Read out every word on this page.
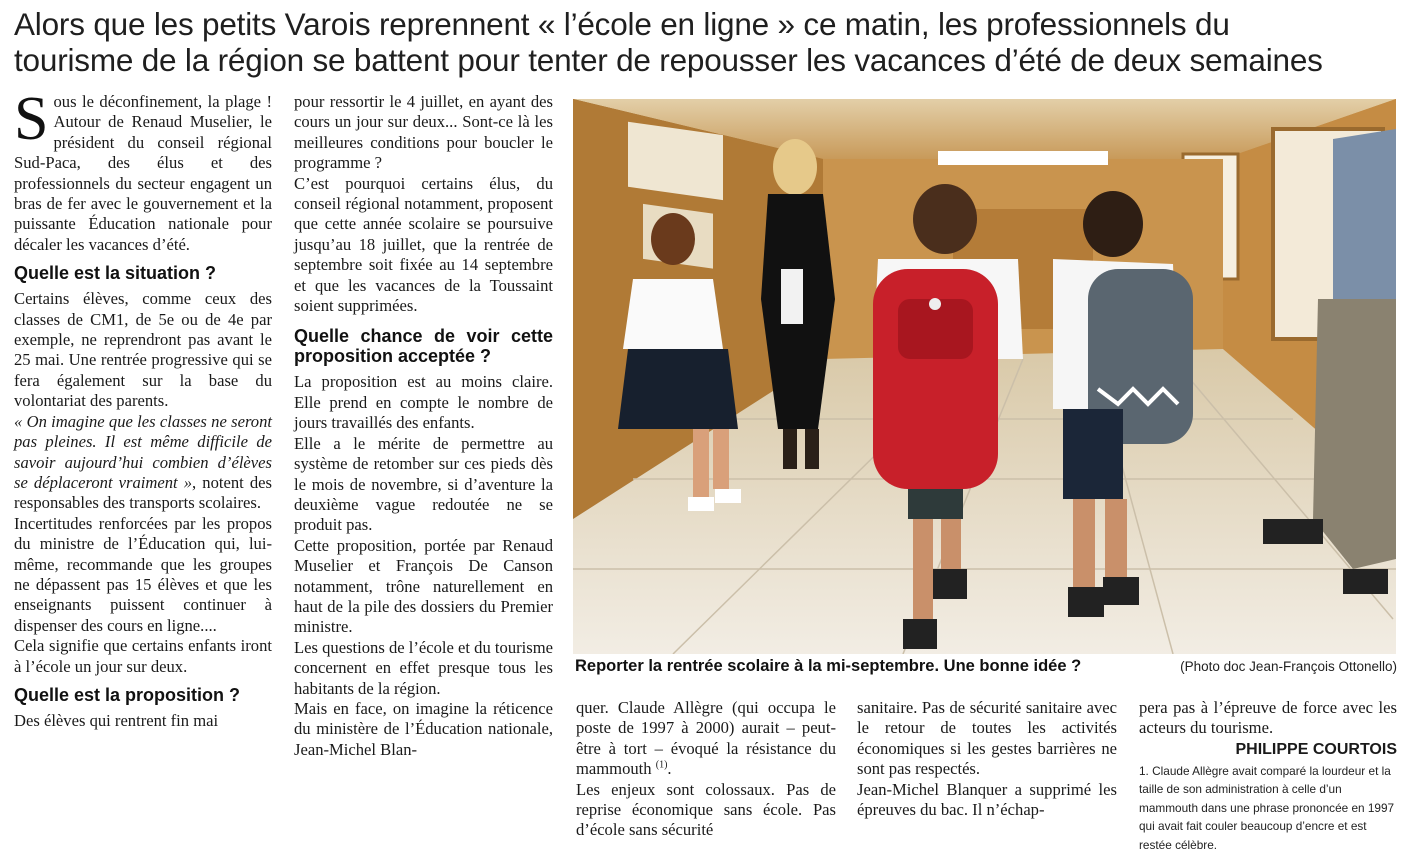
Alors que les petits Varois reprennent « l’école en ligne » ce matin, les professionnels du
tourisme de la région se battent pour tenter de repousser les vacances d’été de deux semaines

Sous le déconfinement, la plage ! Autour de Renaud Muselier, le président du conseil régional Sud-Paca, des élus et des professionnels du secteur engagent un bras de fer avec le gouvernement et la puissante Éducation nationale pour décaler les vacances d’été.

Quelle est la situation ?

Certains élèves, comme ceux des classes de CM1, de 5e ou de 4e par exemple, ne reprendront pas avant le 25 mai. Une rentrée progressive qui se fera également sur la base du volontariat des parents.

« On imagine que les classes ne seront pas pleines. Il est même difficile de savoir aujourd’hui combien d’élèves se déplaceront vraiment », notent des responsables des transports scolaires.

Incertitudes renforcées par les propos du ministre de l’Éducation qui, lui-même, recommande que les groupes ne dépassent pas 15 élèves et que les enseignants puissent continuer à dispenser des cours en ligne....

Cela signifie que certains enfants iront à l’école un jour sur deux.

Quelle est la proposition ?

Des élèves qui rentrent fin mai

pour ressortir le 4 juillet, en ayant des cours un jour sur deux... Sont-ce là les meilleures conditions pour boucler le programme ?

C’est pourquoi certains élus, du conseil régional notamment, proposent que cette année scolaire se poursuive jusqu’au 18 juillet, que la rentrée de septembre soit fixée au 14 septembre et que les vacances de la Toussaint soient supprimées.

Quelle chance de voir cette proposition acceptée ?

La proposition est au moins claire. Elle prend en compte le nombre de jours travaillés des enfants.

Elle a le mérite de permettre au système de retomber sur ces pieds dès le mois de novembre, si d’aventure la deuxième vague redoutée ne se produit pas.

Cette proposition, portée par Renaud Muselier et François De Canson notamment, trône naturellement en haut de la pile des dossiers du Premier ministre.

Les questions de l’école et du tourisme concernent en effet presque tous les habitants de la région.

Mais en face, on imagine la réticence du ministère de l’Éducation nationale, Jean-Michel Blan-

Reporter la rentrée scolaire à la mi-septembre. Une bonne idée ?	(Photo doc Jean-François Ottonello)

quer. Claude Allègre (qui occupa le poste de 1997 à 2000) aurait – peut-être à tort – évoqué la résistance du mammouth $^{(1)}$.

Les enjeux sont colossaux. Pas de reprise économique sans école. Pas d’école sans sécurité

sanitaire. Pas de sécurité sanitaire avec le retour de toutes les activités économiques si les gestes barrières ne sont pas respectés.

Jean-Michel Blanquer a supprimé les épreuves du bac. Il n’échap-

pera pas à l’épreuve de force avec les acteurs du tourisme.

PHILIPPE COURTOIS
1. Claude Allègre avait comparé la lourdeur et la taille de son administration à celle d’un mammouth dans une phrase prononcée en 1997 qui avait fait couler beaucoup d’encre et est restée célèbre.
